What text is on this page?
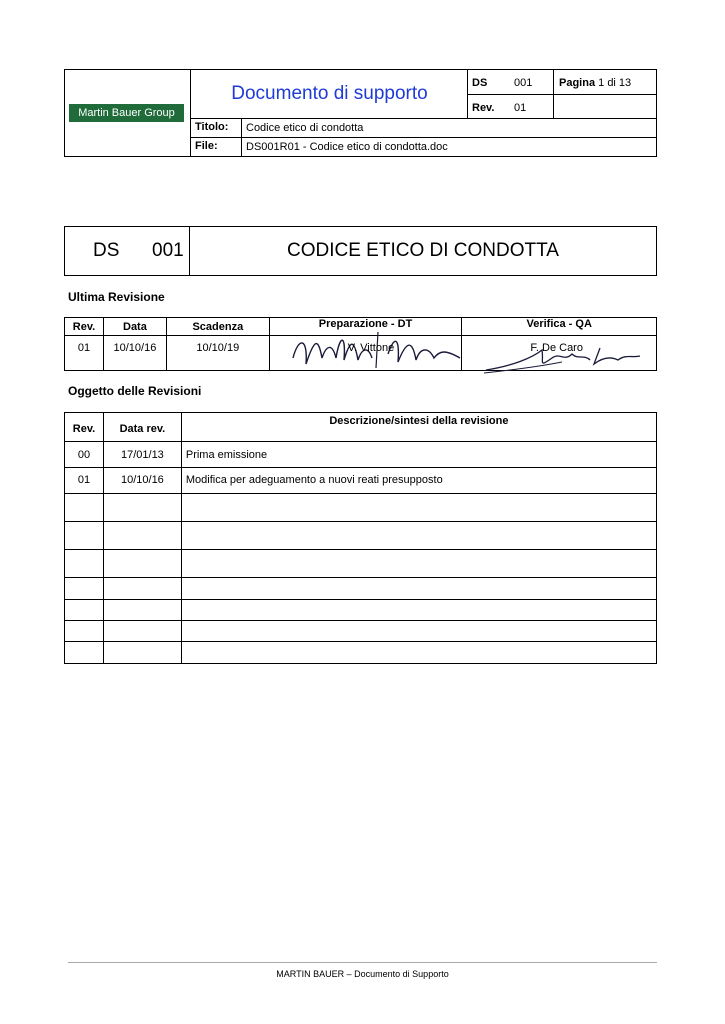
Martin Bauer Group
Documento di supporto	DS 001 Pagina 1 di 13
Rev. 01
Titolo: Codice etico di condotta
File:	DS001R01 - Codice etico di condotta.doc
DS 001	CODICE ETICO DI CONDOTTA
Ultima Revisione
Rev.	Data	Scadenza	Preparazione - DT	Verifica - QA
01	10/10/16	10/10/19	V. Vittone	F. De Caro
Oggetto delle Revisioni
Rev.	Data rev.	Descrizione/sintesi della revisione
00	17/01/13	Prima emissione
01	10/10/16	Modifica per adeguamento a nuovi reati presupposto

MARTIN BAUER – Documento di Supporto
